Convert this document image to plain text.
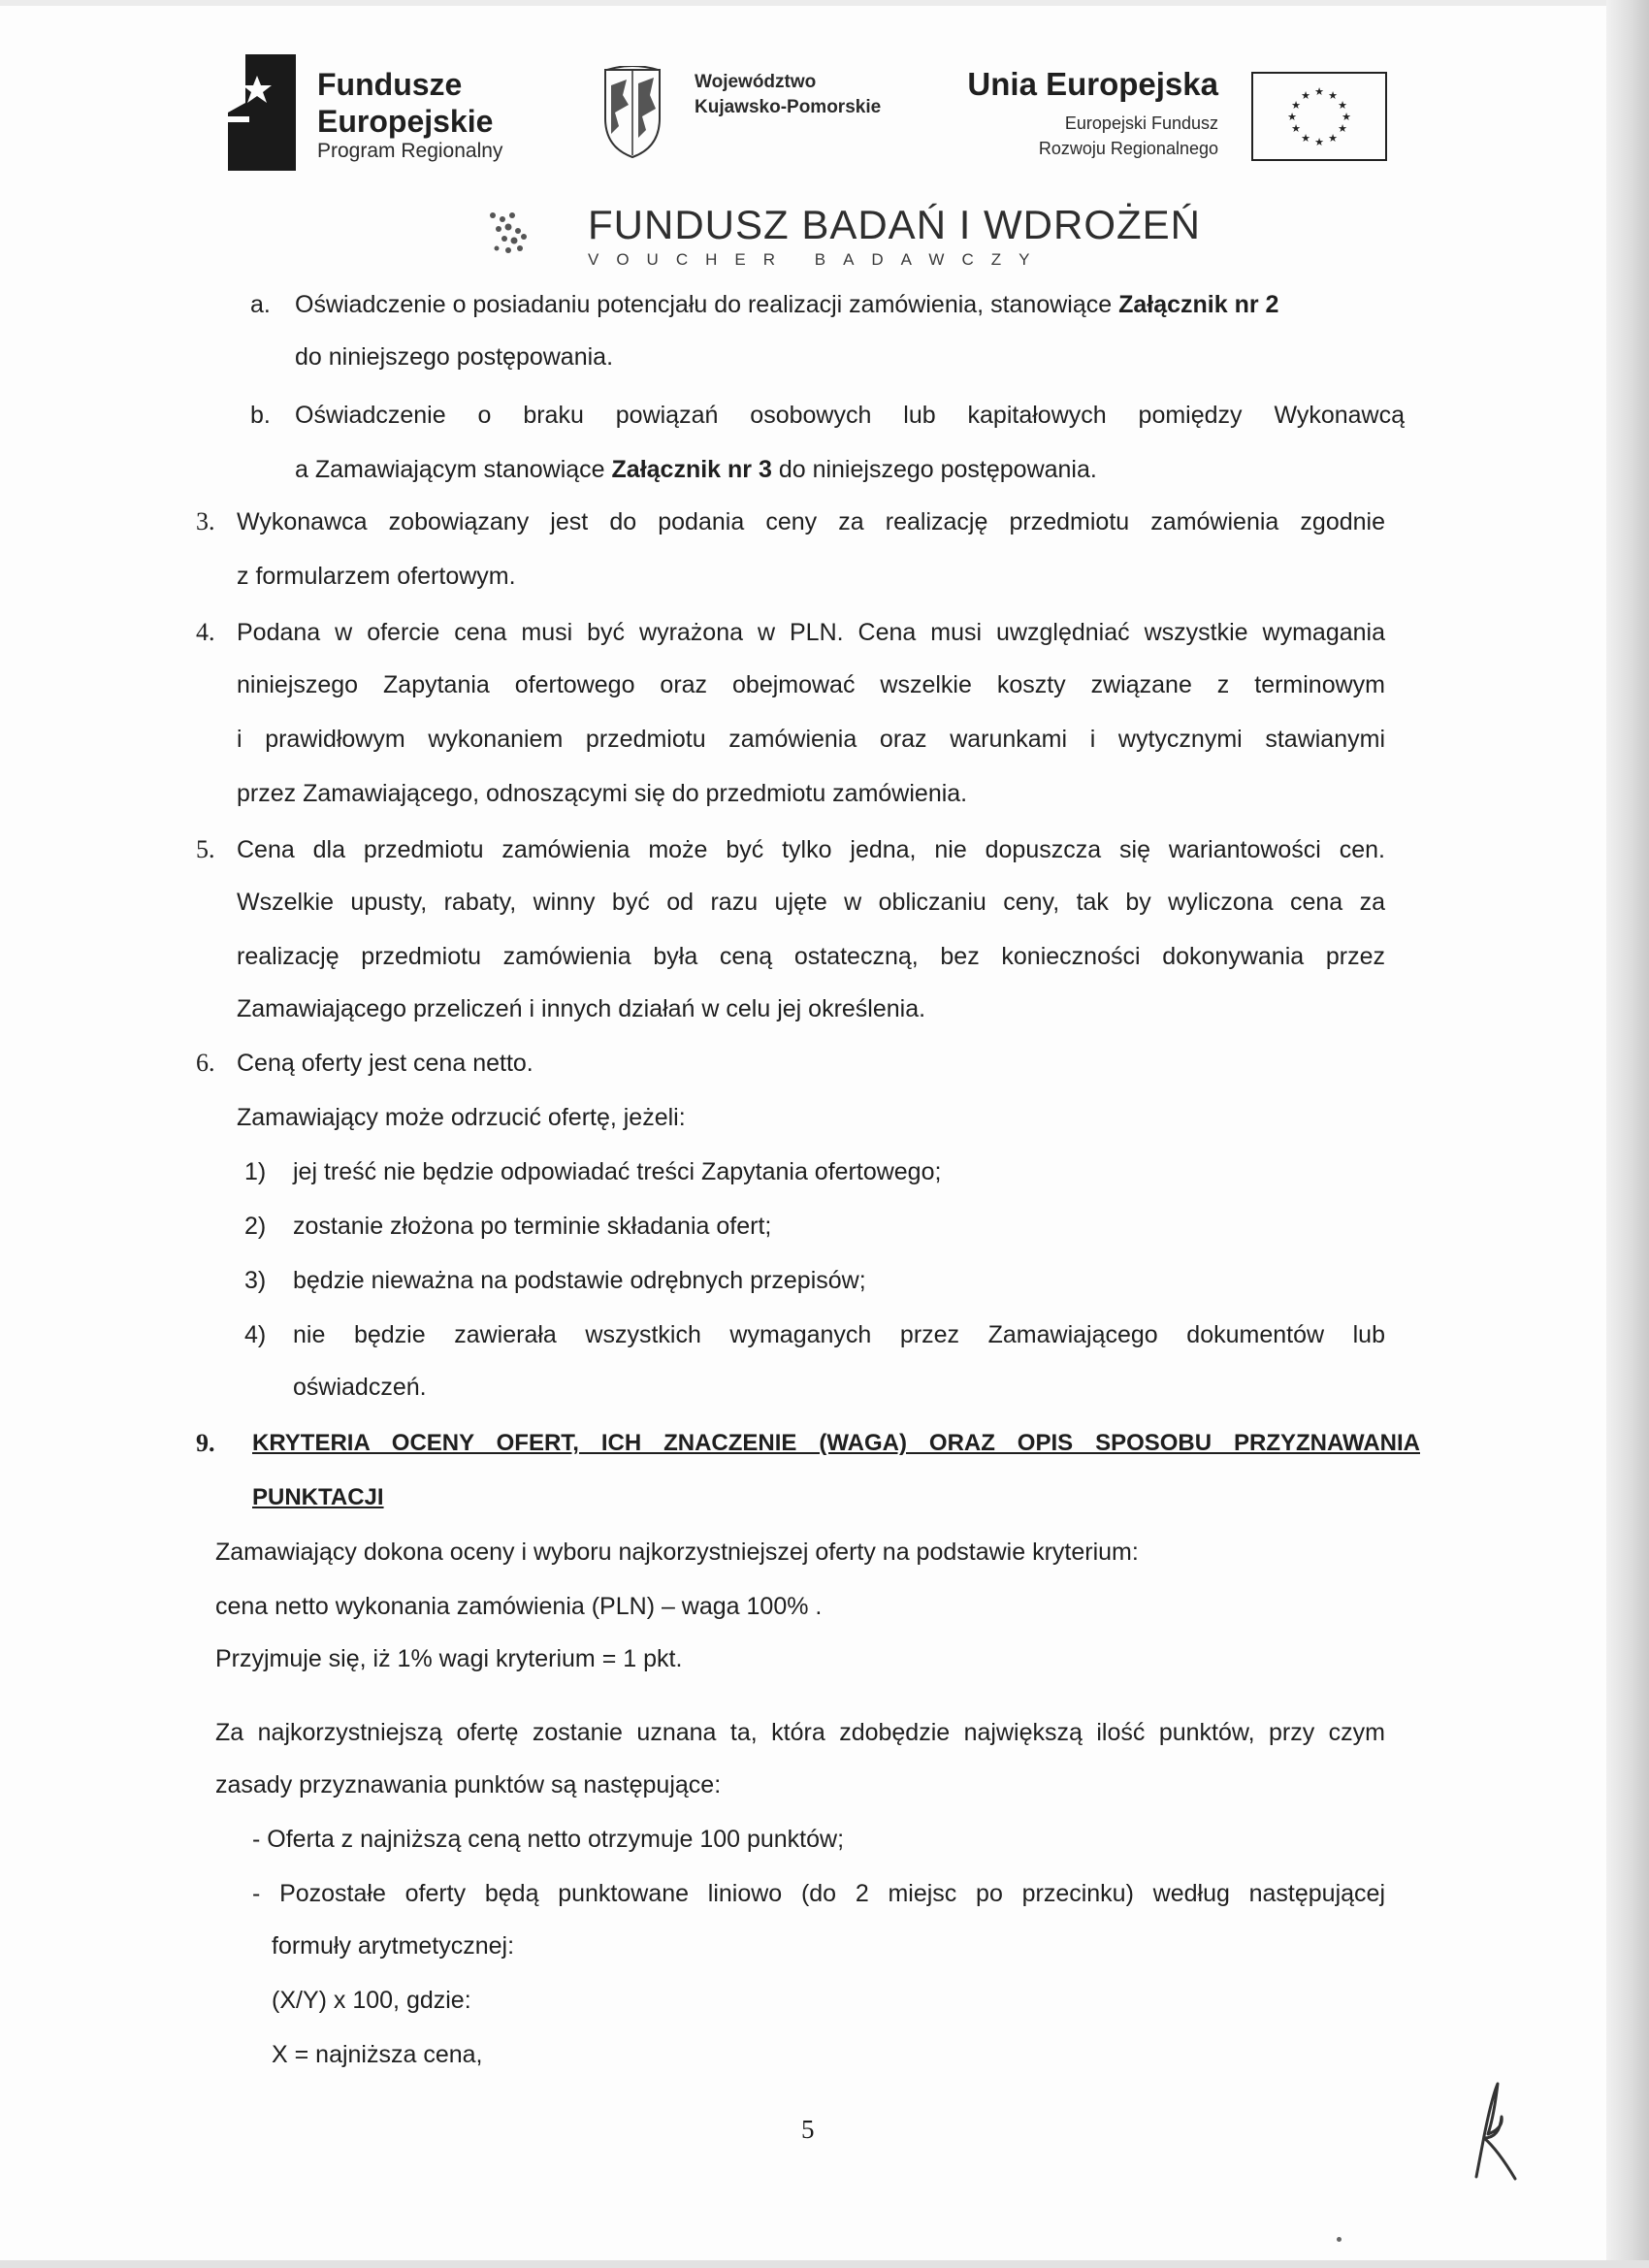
Fundusze
Europejskie
Program Regionalny
Województwo
Kujawsko-Pomorskie
Unia Europejska
Europejski Fundusz
Rozwoju Regionalnego
★ ★
★
★
★
★
★
★
★
★
★
★
FUNDUSZ BADAŃ I WDROŻEŃ
VOUCHER BADAWCZY
a. Oświadczenie o posiadaniu potencjału do realizacji zamówienia, stanowiące Załącznik nr 2
do niniejszego postępowania.
b. Oświadczenie o braku powiązań osobowych lub kapitałowych pomiędzy Wykonawcą
a Zamawiającym stanowiące Załącznik nr 3 do niniejszego postępowania.
3. Wykonawca zobowiązany jest do podania ceny za realizację przedmiotu zamówienia zgodnie
z formularzem ofertowym.
4. Podana w ofercie cena musi być wyrażona w PLN. Cena musi uwzględniać wszystkie wymagania
niniejszego Zapytania ofertowego oraz obejmować wszelkie koszty związane z terminowym
i prawidłowym wykonaniem przedmiotu zamówienia oraz warunkami i wytycznymi stawianymi
przez Zamawiającego, odnoszącymi się do przedmiotu zamówienia.
5. Cena dla przedmiotu zamówienia może być tylko jedna, nie dopuszcza się wariantowości cen.
Wszelkie upusty, rabaty, winny być od razu ujęte w obliczaniu ceny, tak by wyliczona cena za
realizację przedmiotu zamówienia była ceną ostateczną, bez konieczności dokonywania przez
Zamawiającego przeliczeń i innych działań w celu jej określenia.
6. Ceną oferty jest cena netto.
Zamawiający może odrzucić ofertę, jeżeli:
1) jej treść nie będzie odpowiadać treści Zapytania ofertowego;
2) zostanie złożona po terminie składania ofert;
3) będzie nieważna na podstawie odrębnych przepisów;
4) nie będzie zawierała wszystkich wymaganych przez Zamawiającego dokumentów lub
oświadczeń.
9. KRYTERIA OCENY OFERT, ICH ZNACZENIE (WAGA) ORAZ OPIS SPOSOBU PRZYZNAWANIA
PUNKTACJI
Zamawiający dokona oceny i wyboru najkorzystniejszej oferty na podstawie kryterium:
cena netto wykonania zamówienia (PLN) – waga 100% .
Przyjmuje się, iż 1% wagi kryterium = 1 pkt.
Za najkorzystniejszą ofertę zostanie uznana ta, która zdobędzie największą ilość punktów, przy czym
zasady przyznawania punktów są następujące:
- Oferta z najniższą ceną netto otrzymuje 100 punktów;
- Pozostałe oferty będą punktowane liniowo (do 2 miejsc po przecinku) według następującej
formuły arytmetycznej:
(X/Y) x 100, gdzie:
X = najniższa cena,
5
